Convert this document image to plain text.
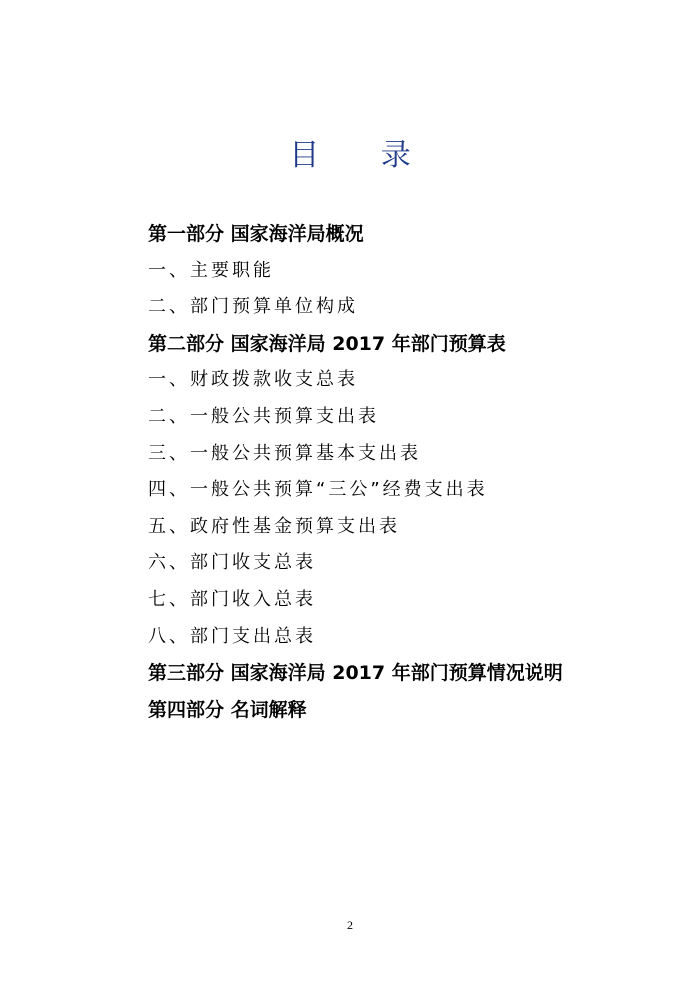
目 录
第一部分 国家海洋局概况
一、主要职能
二、部门预算单位构成
第二部分 国家海洋局 2017 年部门预算表
一、财政拨款收支总表
二、一般公共预算支出表
三、一般公共预算基本支出表
四、一般公共预算“三公”经费支出表
五、政府性基金预算支出表
六、部门收支总表
七、部门收入总表
八、部门支出总表
第三部分 国家海洋局 2017 年部门预算情况说明
第四部分 名词解释
2
